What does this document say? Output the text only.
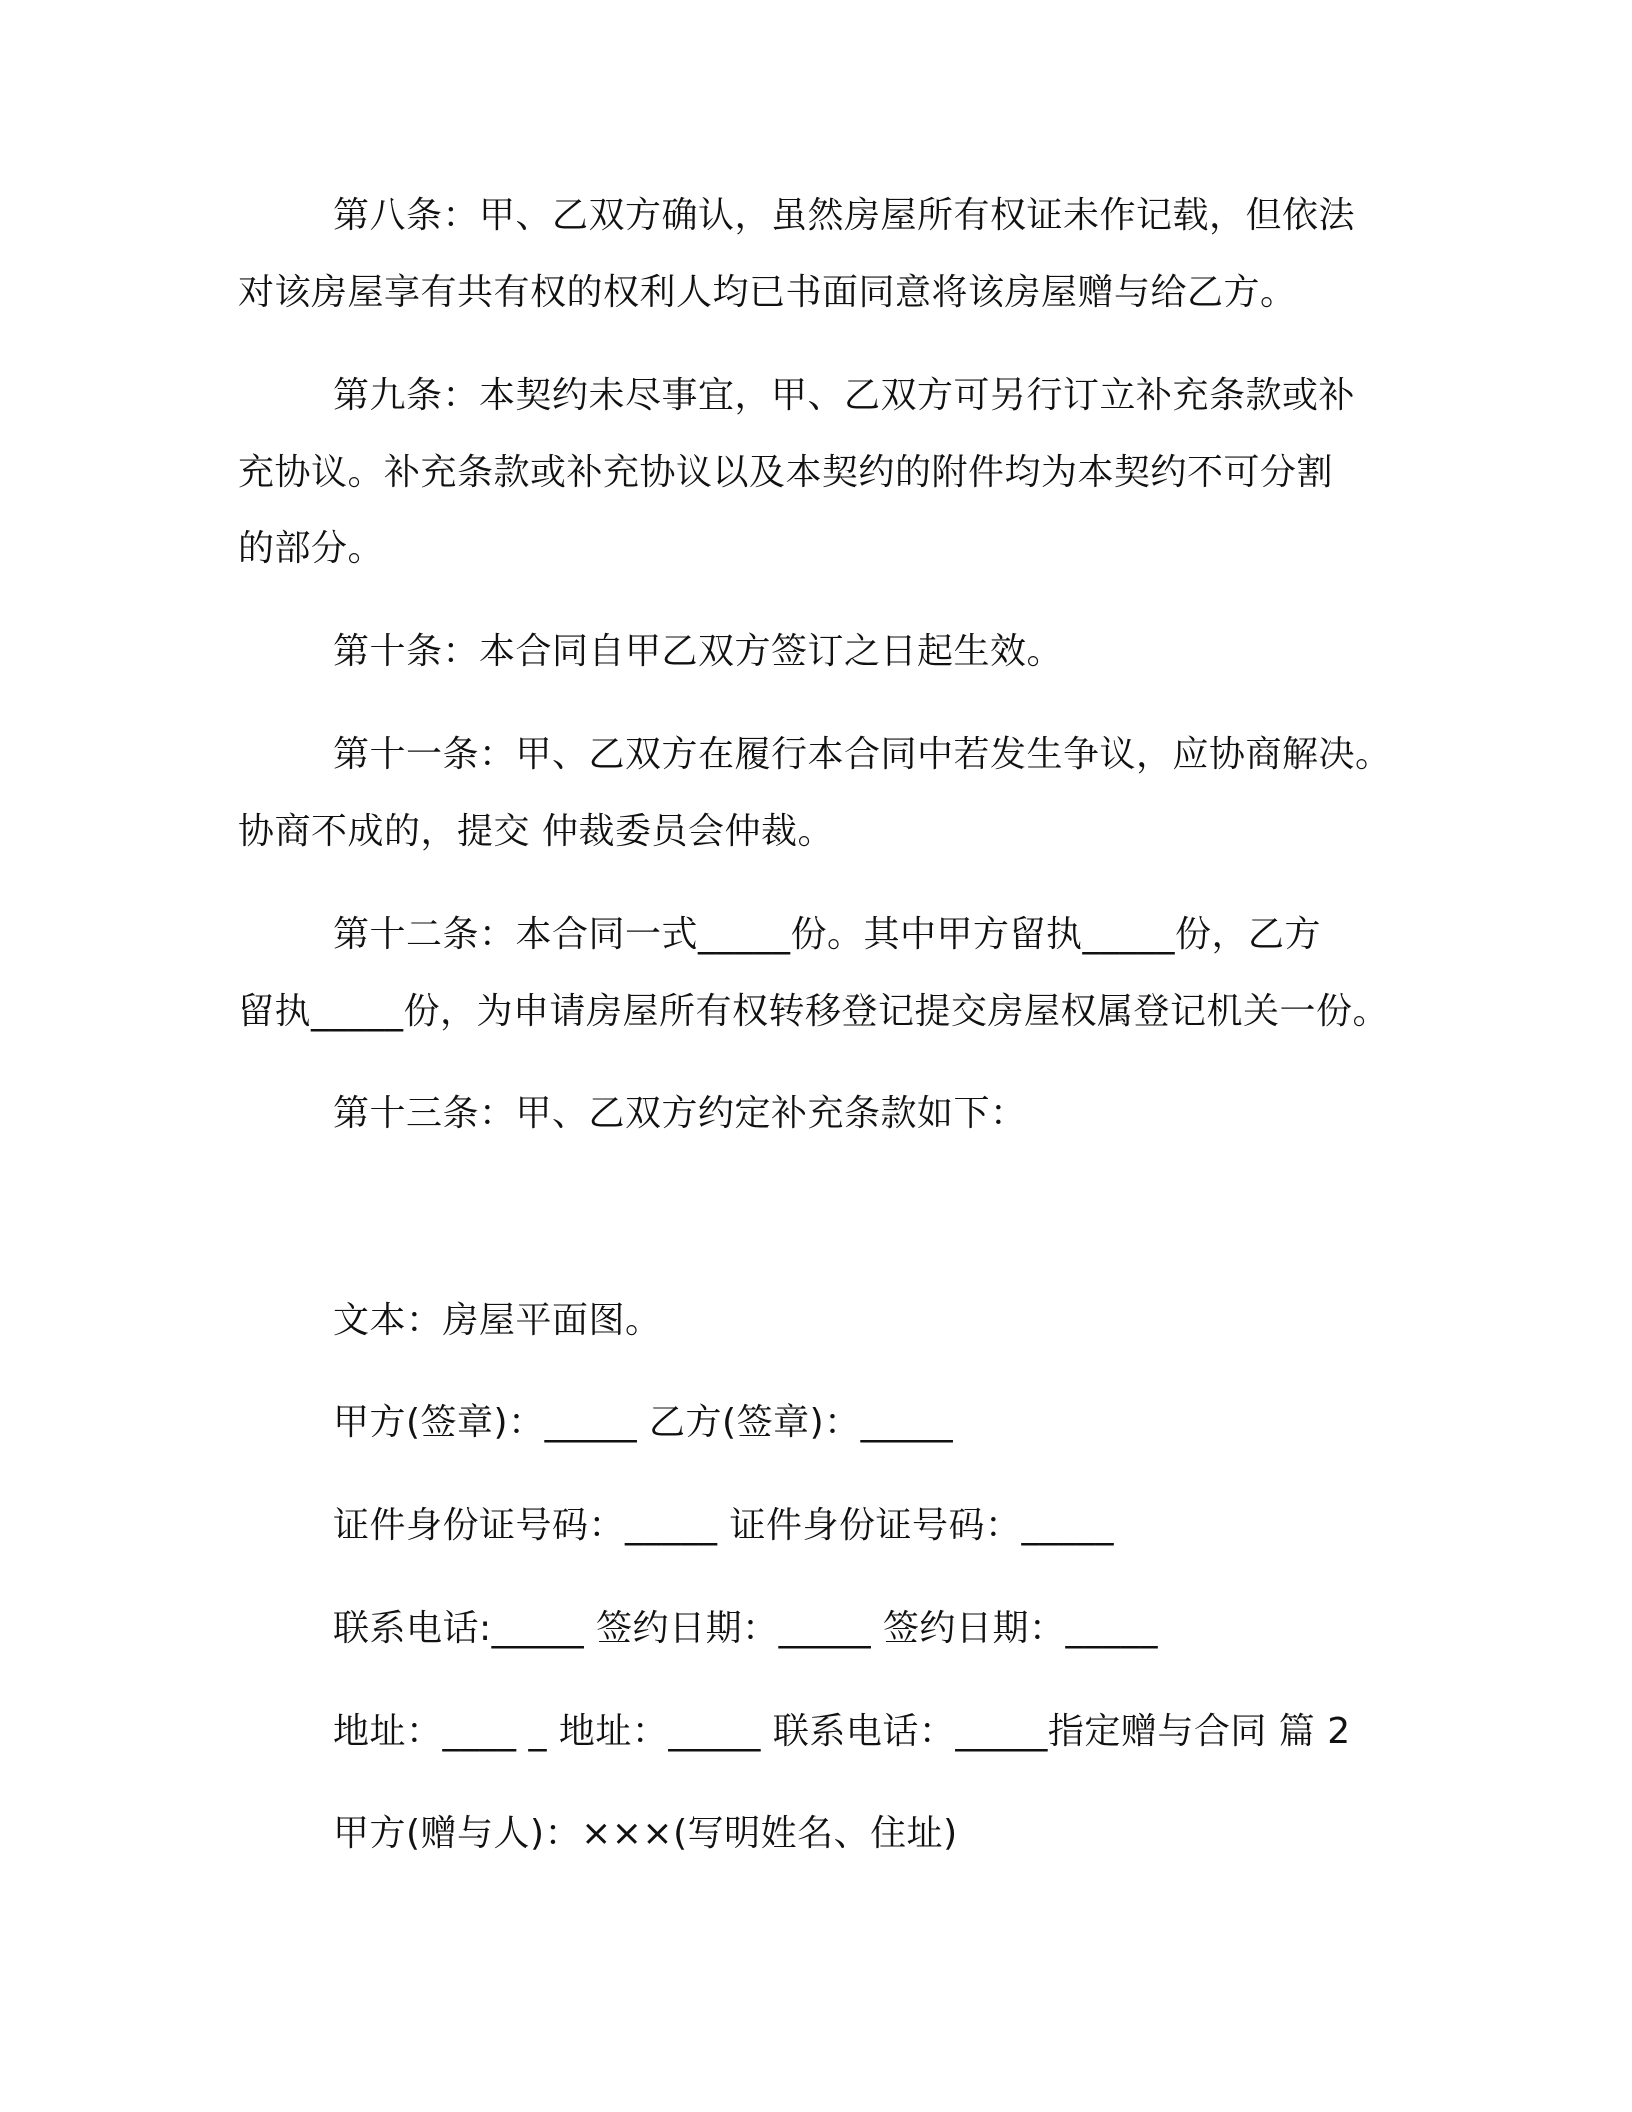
第八条：甲、乙双方确认，虽然房屋所有权证未作记载，但依法
对该房屋享有共有权的权利人均已书面同意将该房屋赠与给乙方。
第九条：本契约未尽事宜，甲、乙双方可另行订立补充条款或补
充协议。补充条款或补充协议以及本契约的附件均为本契约不可分割
的部分。
第十条：本合同自甲乙双方签订之日起生效。
第十一条：甲、乙双方在履行本合同中若发生争议，应协商解决。
协商不成的，提交 仲裁委员会仲裁。
第十二条：本合同一式_____份。其中甲方留执_____份，乙方
留执_____份，为申请房屋所有权转移登记提交房屋权属登记机关一份。
第十三条：甲、乙双方约定补充条款如下：
文本：房屋平面图。
甲方(签章)：_____ 乙方(签章)：_____
证件身份证号码：_____ 证件身份证号码：_____
联系电话:_____ 签约日期：_____ 签约日期：_____
地址：____ _ 地址：_____ 联系电话：_____指定赠与合同 篇 2
甲方(赠与人)：×××(写明姓名、住址)
